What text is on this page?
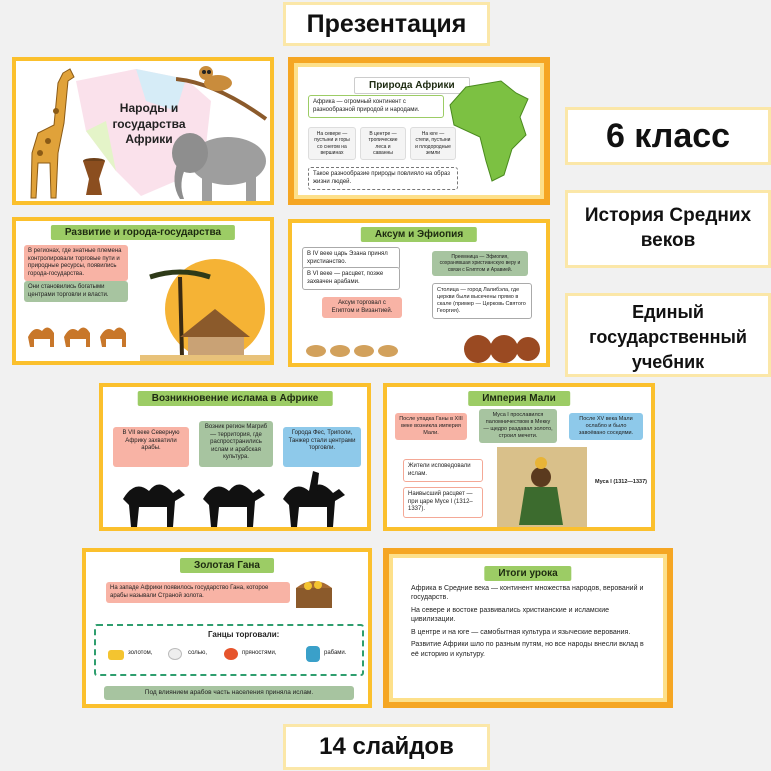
Презентация
6 класс
История Средних веков
Единый государственный учебник
14 слайдов
Народы и государства Африки
Природа Африки
Африка — огромный континент с разнообразной природой и народами.
На севере — пустыни и горы со снегом на вершинах
В центре — тропические леса и саванны
На юге — степи, пустыни и плодородные земли
Такое разнообразие природы повлияло на образ жизни людей.
Развитие и города-государства
В регионах, где знатные племена контролировали торговые пути и природные ресурсы, появились города-государства.
Они становились богатыми центрами торговли и власти.
Аксум и Эфиопия
В IV веке царь Эзана принял христианство.
В VI веке — расцвет, позже захвачен арабами.
Аксум торговал с Египтом и Византией.
Преемница — Эфиопия, сохранявшая христианскую веру и связи с Египтом и Аравией.
Столица — город Лалибэла, где церкви были высечены прямо в скале (пример — Церковь Святого Георгия).
Возникновение ислама в Африке
В VII веке Северную Африку захватили арабы.
Возник регион Магриб — территория, где распространились ислам и арабская культура.
Города Фес, Триполи, Танжер стали центрами торговли.
Империя Мали
После упадка Ганы в XIII веке возникла империя Мали.
Муса I прославился паломничеством в Мекку — щедро раздавал золото, строил мечети.
После XV века Мали ослабло и было завоёвано соседями.
Жители исповедовали ислам.
Наивысший расцвет — при царе Мусе I (1312–1337).
Муса I (1312—1337)
Золотая Гана
На западе Африки появилось государство Гана, которое арабы называли Страной золота.
Ганцы торговали:
золотом,	солью,	пряностями,	рабами.
Под влиянием арабов часть населения приняла ислам.
Итоги урока
Африка в Средние века — континент множества народов, верований и государств.
На севере и востоке развивались христианские и исламские цивилизации.
В центре и на юге — самобытная культура и языческие верования.
Развитие Африки шло по разным путям, но все народы внесли вклад в её историю и культуру.
